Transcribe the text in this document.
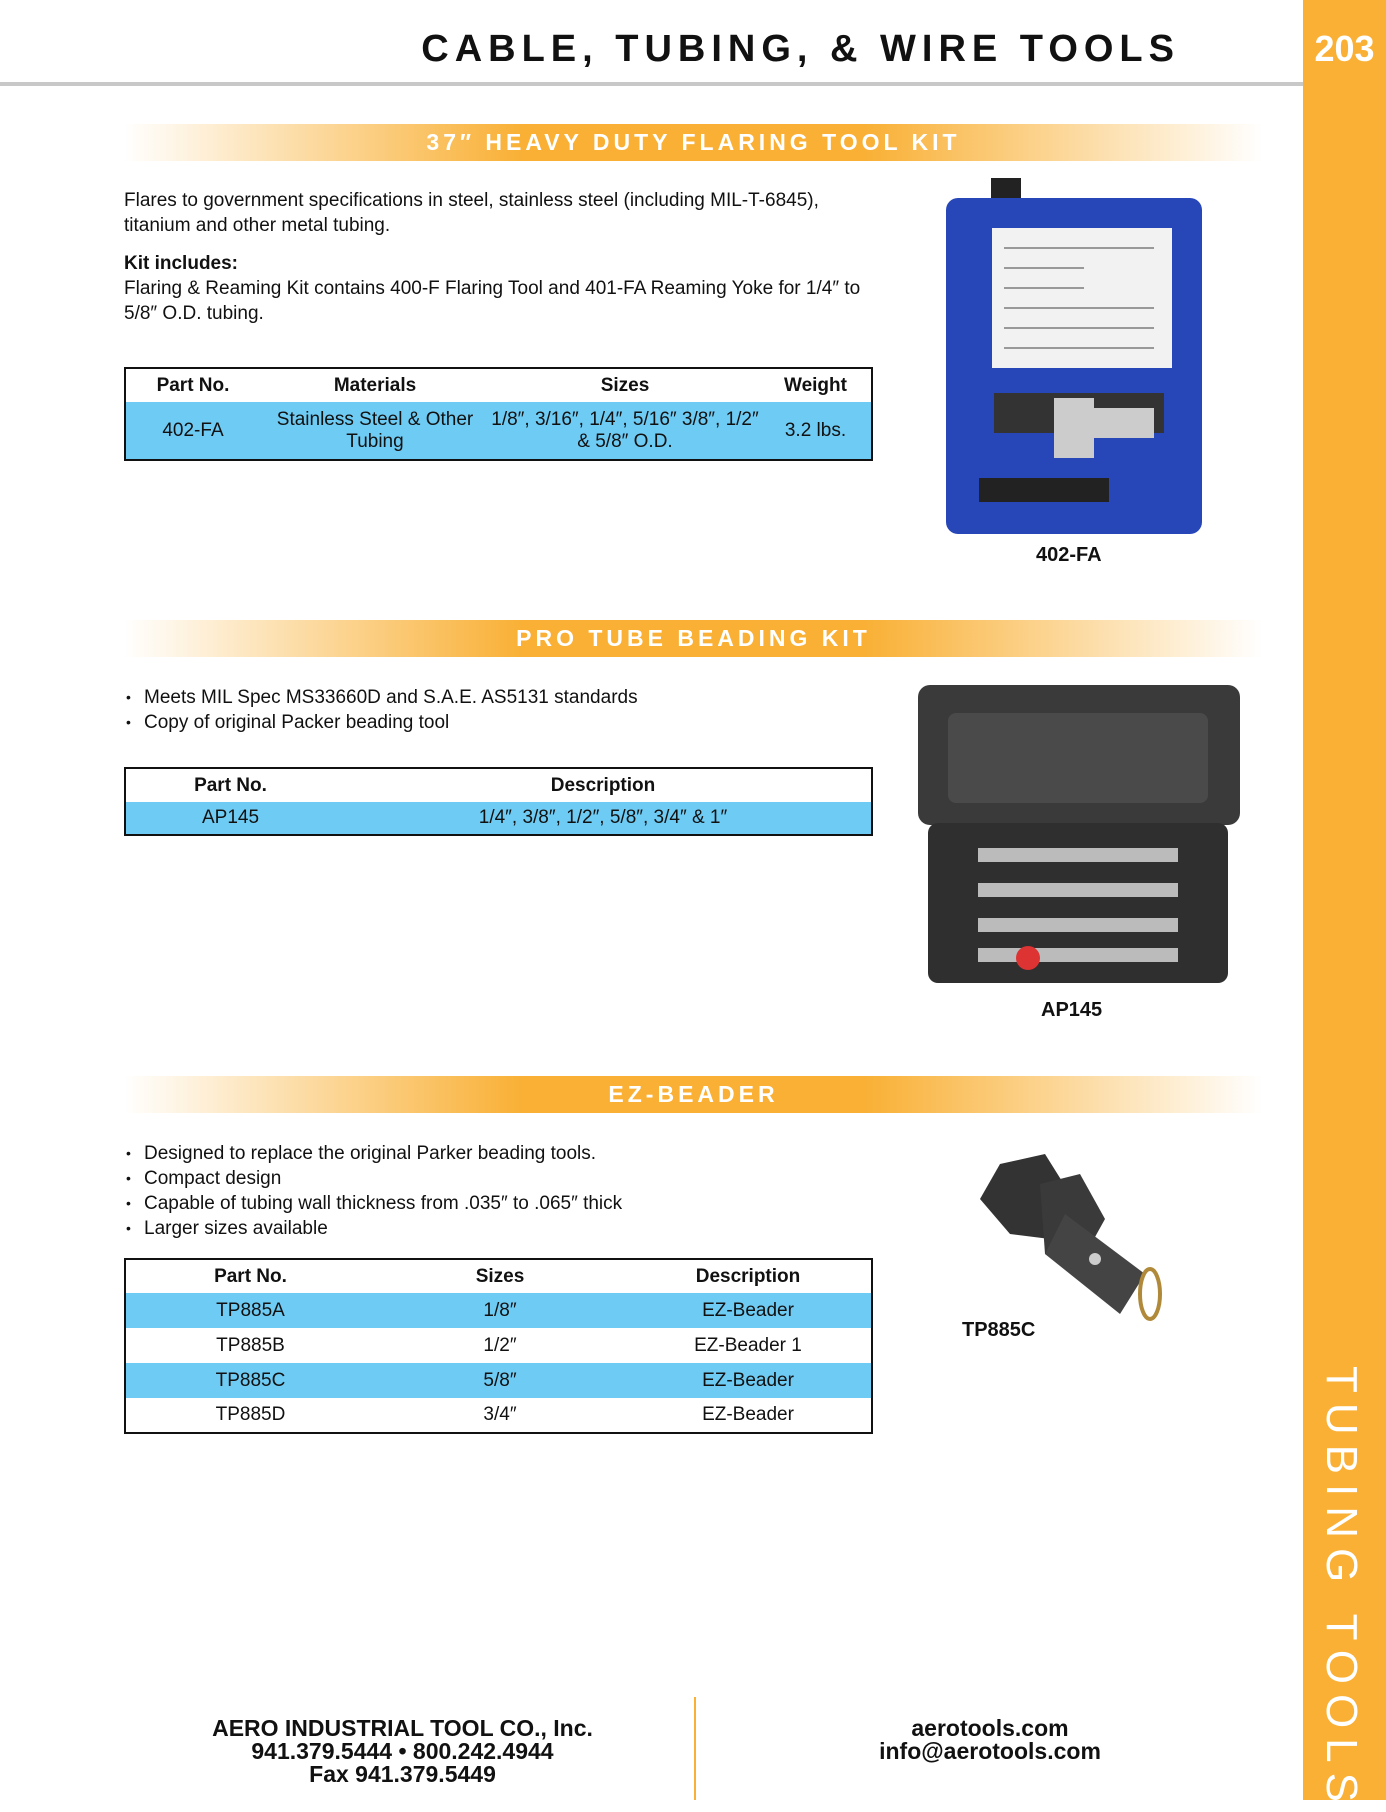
203
TUBING TOOLS
CABLE, TUBING, & WIRE TOOLS
37″ HEAVY DUTY FLARING TOOL KIT
Flares to government specifications in steel, stainless steel (including MIL-T-6845), titanium and other metal tubing.
Kit includes:
Flaring & Reaming Kit contains 400-F Flaring Tool and 401-FA Reaming Yoke for 1/4″ to 5/8″ O.D. tubing.
Part No.	Materials	Sizes	Weight
402-FA	Stainless Steel & Other Tubing	1/8″, 3/16″, 1/4″, 5/16″ 3/8″, 1/2″ & 5/8″ O.D.	3.2 lbs.
402-FA
PRO TUBE BEADING KIT
• Meets MIL Spec MS33660D and S.A.E. AS5131 standards
• Copy of original Packer beading tool
Part No.	Description
AP145	1/4″, 3/8″, 1/2″, 5/8″, 3/4″ & 1″
AP145
EZ-BEADER
• Designed to replace the original Parker beading tools.
• Compact design
• Capable of tubing wall thickness from .035″ to .065″ thick
• Larger sizes available
Part No.	Sizes	Description
TP885A	1/8″	EZ-Beader
TP885B	1/2″	EZ-Beader 1
TP885C	5/8″	EZ-Beader
TP885D	3/4″	EZ-Beader
TP885C
AERO INDUSTRIAL TOOL CO., Inc.
941.379.5444 • 800.242.4944
Fax 941.379.5449
aerotools.com
info@aerotools.com
